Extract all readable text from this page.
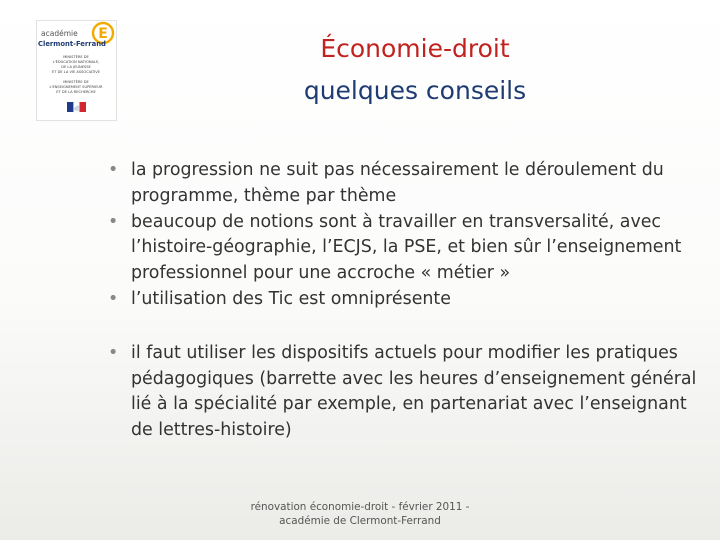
E
académie
Clermont-Ferrand
MINISTÈRE DE
L'ÉDUCATION NATIONALE,
DE LA JEUNESSE
ET DE LA VIE ASSOCIATIVE
MINISTÈRE DE
L'ENSEIGNEMENT SUPÉRIEUR
ET DE LA RECHERCHE
Économie-droit
quelques conseils
• la progression ne suit pas nécessairement le déroulement du programme, thème par thème
• beaucoup de notions sont à travailler en transversalité, avec l’histoire-géographie, l’ECJS, la PSE, et bien sûr l’enseignement professionnel pour une accroche « métier »
• l’utilisation des Tic est omniprésente
• il faut utiliser les dispositifs actuels pour modifier les pratiques pédagogiques (barrette avec les heures d’enseignement général lié à la spécialité par exemple, en partenariat avec l’enseignant de lettres-histoire)
rénovation économie-droit - février 2011 -
académie de Clermont-Ferrand
